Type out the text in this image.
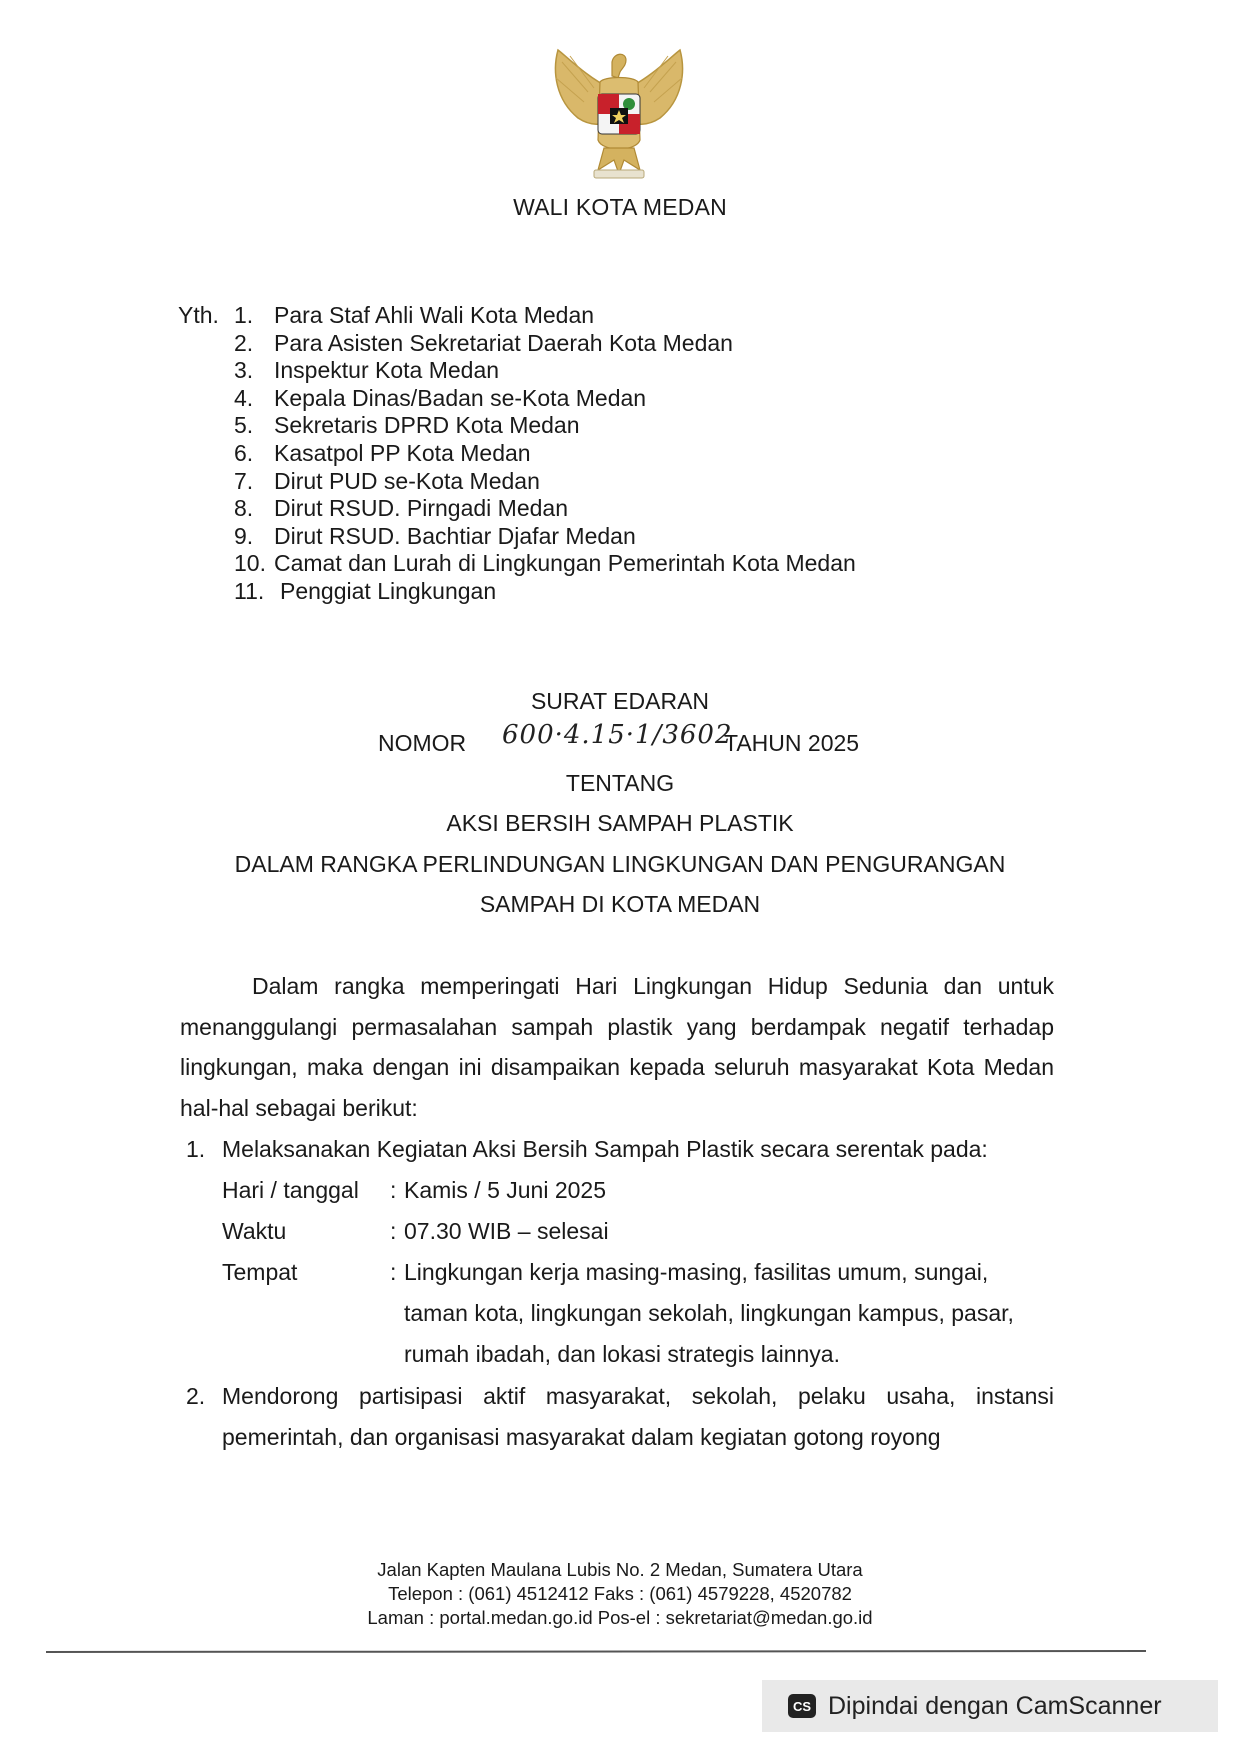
WALI KOTA MEDAN
Yth. 1. Para Staf Ahli Wali Kota Medan
2. Para Asisten Sekretariat Daerah Kota Medan
3. Inspektur Kota Medan
4. Kepala Dinas/Badan se-Kota Medan
5. Sekretaris DPRD Kota Medan
6. Kasatpol PP Kota Medan
7. Dirut PUD se-Kota Medan
8. Dirut RSUD. Pirngadi Medan
9. Dirut RSUD. Bachtiar Djafar Medan
10. Camat dan Lurah di Lingkungan Pemerintah Kota Medan
11. Penggiat Lingkungan
SURAT EDARAN
NOMOR 600·4.15·1/3602
TAHUN 2025
TENTANG
AKSI BERSIH SAMPAH PLASTIK
DALAM RANGKA PERLINDUNGAN LINGKUNGAN DAN PENGURANGAN
SAMPAH DI KOTA MEDAN

Dalam rangka memperingati Hari Lingkungan Hidup Sedunia dan untuk menanggulangi permasalahan sampah plastik yang berdampak negatif terhadap lingkungan, maka dengan ini disampaikan kepada seluruh masyarakat Kota Medan hal-hal sebagai berikut:

1. Melaksanakan Kegiatan Aksi Bersih Sampah Plastik secara serentak pada:
Hari / tanggal : Kamis / 5 Juni 2025
Waktu	: 07.30 WIB – selesai
Tempat	: Lingkungan kerja masing-masing, fasilitas umum, sungai, taman kota, lingkungan sekolah, lingkungan kampus, pasar, rumah ibadah, dan lokasi strategis lainnya.
2. Mendorong partisipasi aktif masyarakat, sekolah, pelaku usaha, instansi pemerintah, dan organisasi masyarakat dalam kegiatan gotong royong
Jalan Kapten Maulana Lubis No. 2 Medan, Sumatera Utara
Telepon : (061) 4512412 Faks : (061) 4579228, 4520782
Laman : portal.medan.go.id Pos-el : sekretariat@medan.go.id
CS Dipindai dengan CamScanner
